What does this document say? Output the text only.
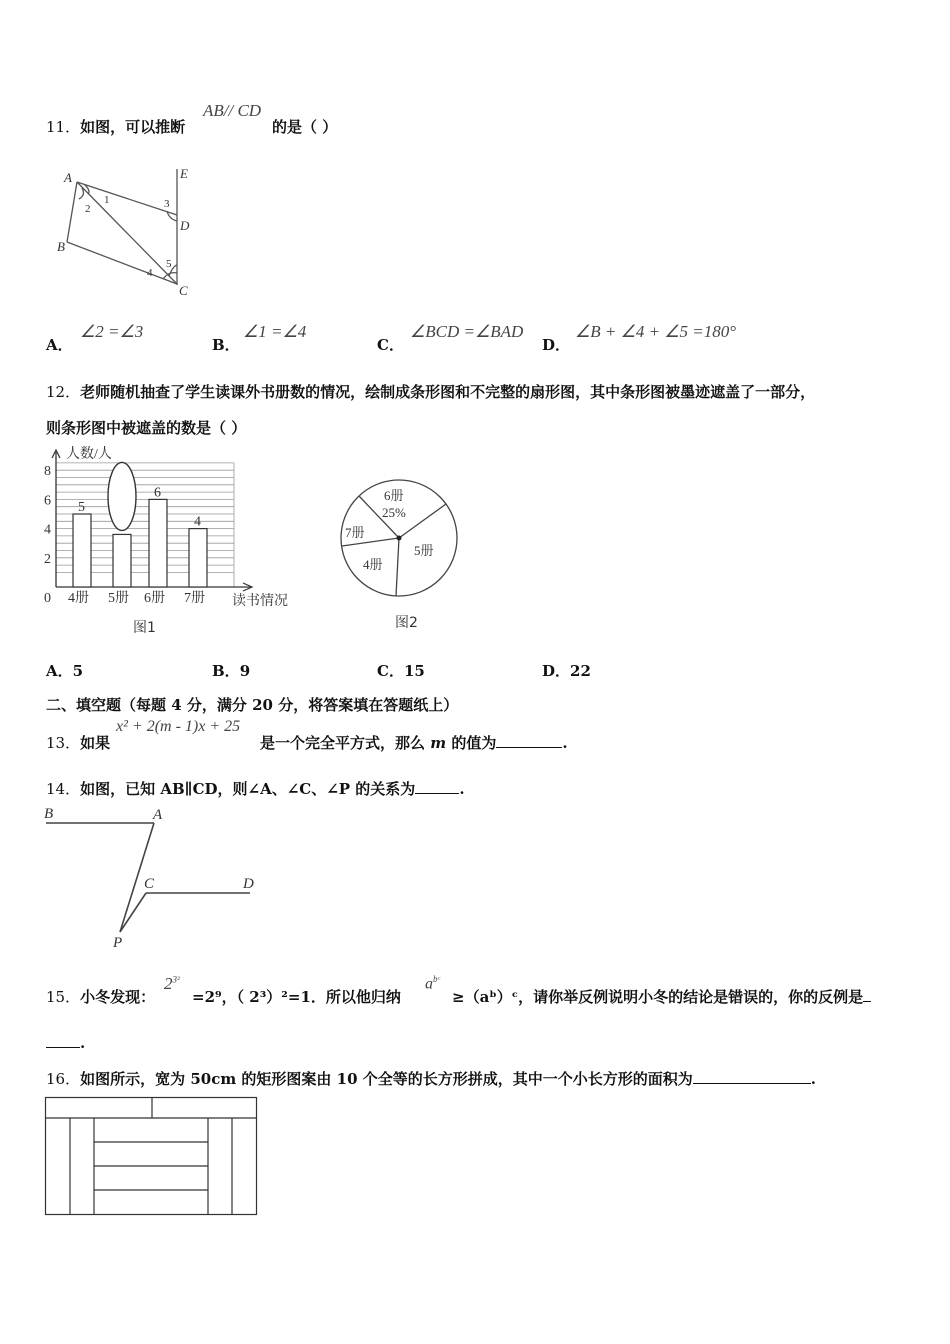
11．如图，可以推断
AB// CD
的是（ ）
A
B
C
D
E
1
2	3
4
5
A．
∠2 =∠3
B．
∠1 =∠4
C．
∠BCD =∠BAD
D．
∠B + ∠4 + ∠5 =180°
12．老师随机抽查了学生读课外书册数的情况，绘制成条形图和不完整的扇形图，其中条形图被墨迹遮盖了一部分，
则条形图中被遮盖的数是（ ）
5
4册 5册
6
6册
4
7册
0
2
4
6
8
人数/人
读书情况
图1
6册
25%
5册
4册
7册
图2
A．5	B．9	C．15	D．22
二、填空题（每题 4 分，满分 20 分，将答案填在答题纸上）
13．如果
x² + 2(m - 1)x + 25
是一个完全平方式，那么 m 的值为	.
14．如图，已知 AB∥CD，则∠A、∠C、∠P 的关系为	.
B	A
C	D
P
15．小冬发现：
$2^{3^2}$
=2⁹，（ 2³）²=1．所以他归纳
$a^{bᶜ}$
≥（aᵇ）ᶜ，请你举反例说明小冬的结论是错误的，你的反例是
.
16．如图所示，宽为 50cm 的矩形图案由 10 个全等的长方形拼成，其中一个小长方形的面积为	.
